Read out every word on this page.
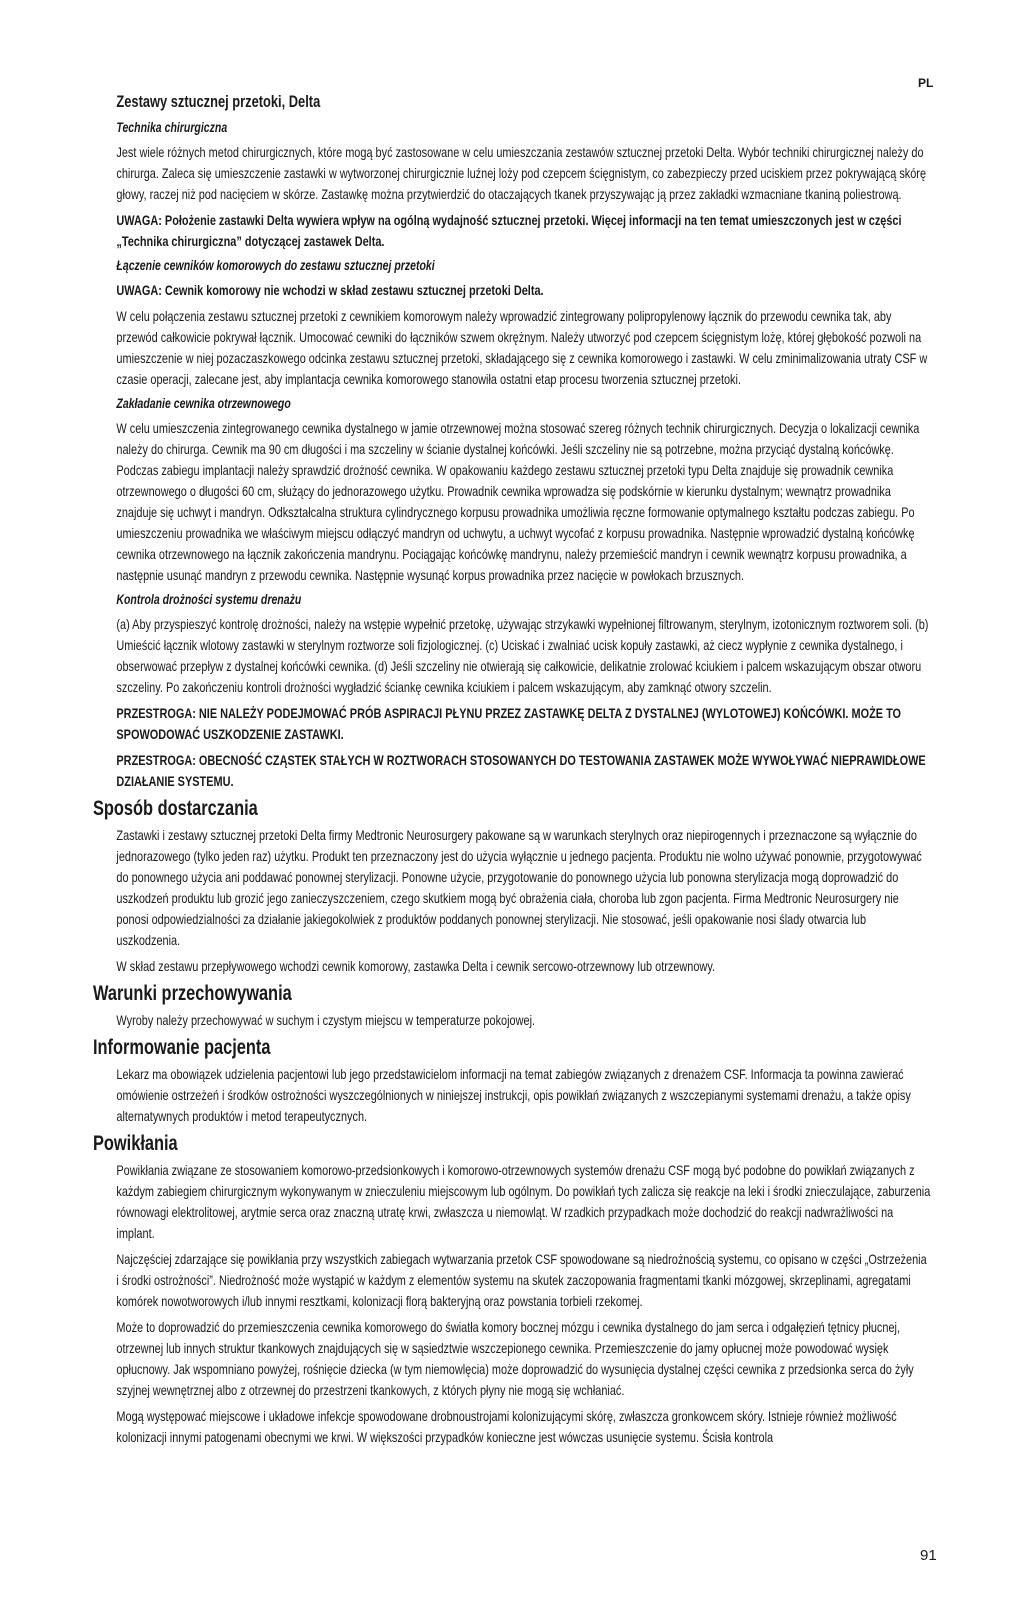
PL
Zestawy sztucznej przetoki, Delta
Technika chirurgiczna

Jest wiele różnych metod chirurgicznych, które mogą być zastosowane w celu umieszczania zestawów sztucznej przetoki Delta. Wybór techniki chirurgicznej należy do chirurga. Zaleca się umieszczenie zastawki w wytworzonej chirurgicznie luźnej loży pod czepcem ścięgnistym, co zabezpieczy przed uciskiem przez pokrywającą skórę głowy, raczej niż pod nacięciem w skórze. Zastawkę można przytwierdzić do otaczających tkanek przyszywając ją przez zakładki wzmacniane tkaniną poliestrową.

UWAGA: Położenie zastawki Delta wywiera wpływ na ogólną wydajność sztucznej przetoki. Więcej informacji na ten temat umieszczonych jest w części „Technika chirurgiczna” dotyczącej zastawek Delta.

Łączenie cewników komorowych do zestawu sztucznej przetoki

UWAGA: Cewnik komorowy nie wchodzi w skład zestawu sztucznej przetoki Delta.

W celu połączenia zestawu sztucznej przetoki z cewnikiem komorowym należy wprowadzić zintegrowany polipropylenowy łącznik do przewodu cewnika tak, aby przewód całkowicie pokrywał łącznik. Umocować cewniki do łączników szwem okrężnym. Należy utworzyć pod czepcem ścięgnistym lożę, której głębokość pozwoli na umieszczenie w niej pozaczaszkowego odcinka zestawu sztucznej przetoki, składającego się z cewnika komorowego i zastawki. W celu zminimalizowania utraty CSF w czasie operacji, zalecane jest, aby implantacja cewnika komorowego stanowiła ostatni etap procesu tworzenia sztucznej przetoki.

Zakładanie cewnika otrzewnowego

W celu umieszczenia zintegrowanego cewnika dystalnego w jamie otrzewnowej można stosować szereg różnych technik chirurgicznych. Decyzja o lokalizacji cewnika należy do chirurga. Cewnik ma 90 cm długości i ma szczeliny w ścianie dystalnej końcówki. Jeśli szczeliny nie są potrzebne, można przyciąć dystalną końcówkę. Podczas zabiegu implantacji należy sprawdzić drożność cewnika. W opakowaniu każdego zestawu sztucznej przetoki typu Delta znajduje się prowadnik cewnika otrzewnowego o długości 60 cm, służący do jednorazowego użytku. Prowadnik cewnika wprowadza się podskórnie w kierunku dystalnym; wewnątrz prowadnika znajduje się uchwyt i mandryn. Odkształcalna struktura cylindrycznego korpusu prowadnika umożliwia ręczne formowanie optymalnego kształtu podczas zabiegu. Po umieszczeniu prowadnika we właściwym miejscu odłączyć mandryn od uchwytu, a uchwyt wycofać z korpusu prowadnika. Następnie wprowadzić dystalną końcówkę cewnika otrzewnowego na łącznik zakończenia mandrynu. Pociągając końcówkę mandrynu, należy przemieścić mandryn i cewnik wewnątrz korpusu prowadnika, a następnie usunąć mandryn z przewodu cewnika. Następnie wysunąć korpus prowadnika przez nacięcie w powłokach brzusznych.

Kontrola drożności systemu drenażu

(a) Aby przyspieszyć kontrolę drożności, należy na wstępie wypełnić przetokę, używając strzykawki wypełnionej filtrowanym, sterylnym, izotonicznym roztworem soli. (b) Umieścić łącznik wlotowy zastawki w sterylnym roztworze soli fizjologicznej. (c) Uciskać i zwalniać ucisk kopuły zastawki, aż ciecz wypłynie z cewnika dystalnego, i obserwować przepływ z dystalnej końcówki cewnika. (d) Jeśli szczeliny nie otwierają się całkowicie, delikatnie zrolować kciukiem i palcem wskazującym obszar otworu szczeliny. Po zakończeniu kontroli drożności wygładzić ściankę cewnika kciukiem i palcem wskazującym, aby zamknąć otwory szczelin.

PRZESTROGA: NIE NALEŻY PODEJMOWAĆ PRÓB ASPIRACJI PŁYNU PRZEZ ZASTAWKĘ DELTA Z DYSTALNEJ (WYLOTOWEJ) KOŃCÓWKI. MOŻE TO SPOWODOWAĆ USZKODZENIE ZASTAWKI.

PRZESTROGA: OBECNOŚĆ CZĄSTEK STAŁYCH W ROZTWORACH STOSOWANYCH DO TESTOWANIA ZASTAWEK MOŻE WYWOŁYWAĆ NIEPRAWIDŁOWE DZIAŁANIE SYSTEMU.

Sposób dostarczania

Zastawki i zestawy sztucznej przetoki Delta firmy Medtronic Neurosurgery pakowane są w warunkach sterylnych oraz niepirogennych i przeznaczone są wyłącznie do jednorazowego (tylko jeden raz) użytku. Produkt ten przeznaczony jest do użycia wyłącznie u jednego pacjenta. Produktu nie wolno używać ponownie, przygotowywać do ponownego użycia ani poddawać ponownej sterylizacji. Ponowne użycie, przygotowanie do ponownego użycia lub ponowna sterylizacja mogą doprowadzić do uszkodzeń produktu lub grozić jego zanieczyszczeniem, czego skutkiem mogą być obrażenia ciała, choroba lub zgon pacjenta. Firma Medtronic Neurosurgery nie ponosi odpowiedzialności za działanie jakiegokolwiek z produktów poddanych ponownej sterylizacji. Nie stosować, jeśli opakowanie nosi ślady otwarcia lub uszkodzenia.

W skład zestawu przepływowego wchodzi cewnik komorowy, zastawka Delta i cewnik sercowo-otrzewnowy lub otrzewnowy.

Warunki przechowywania

Wyroby należy przechowywać w suchym i czystym miejscu w temperaturze pokojowej.

Informowanie pacjenta

Lekarz ma obowiązek udzielenia pacjentowi lub jego przedstawicielom informacji na temat zabiegów związanych z drenażem CSF. Informacja ta powinna zawierać omówienie ostrzeżeń i środków ostrożności wyszczególnionych w niniejszej instrukcji, opis powikłań związanych z wszczepianymi systemami drenażu, a także opisy alternatywnych produktów i metod terapeutycznych.

Powikłania

Powikłania związane ze stosowaniem komorowo-przedsionkowych i komorowo-otrzewnowych systemów drenażu CSF mogą być podobne do powikłań związanych z każdym zabiegiem chirurgicznym wykonywanym w znieczuleniu miejscowym lub ogólnym. Do powikłań tych zalicza się reakcje na leki i środki znieczulające, zaburzenia równowagi elektrolitowej, arytmie serca oraz znaczną utratę krwi, zwłaszcza u niemowląt. W rzadkich przypadkach może dochodzić do reakcji nadwrażliwości na implant.

Najczęściej zdarzające się powikłania przy wszystkich zabiegach wytwarzania przetok CSF spowodowane są niedrożnością systemu, co opisano w części „Ostrzeżenia i środki ostrożności”. Niedrożność może wystąpić w każdym z elementów systemu na skutek zaczopowania fragmentami tkanki mózgowej, skrzeplinami, agregatami komórek nowotworowych i/lub innymi resztkami, kolonizacji florą bakteryjną oraz powstania torbieli rzekomej.

Może to doprowadzić do przemieszczenia cewnika komorowego do światła komory bocznej mózgu i cewnika dystalnego do jam serca i odgałęzień tętnicy płucnej, otrzewnej lub innych struktur tkankowych znajdujących się w sąsiedztwie wszczepionego cewnika. Przemieszczenie do jamy opłucnej może powodować wysięk opłucnowy. Jak wspomniano powyżej, rośnięcie dziecka (w tym niemowlęcia) może doprowadzić do wysunięcia dystalnej części cewnika z przedsionka serca do żyły szyjnej wewnętrznej albo z otrzewnej do przestrzeni tkankowych, z których płyny nie mogą się wchłaniać.

Mogą występować miejscowe i układowe infekcje spowodowane drobnoustrojami kolonizującymi skórę, zwłaszcza gronkowcem skóry. Istnieje również możliwość kolonizacji innymi patogenami obecnymi we krwi. W większości przypadków konieczne jest wówczas usunięcie systemu. Ścisła kontrola

91
